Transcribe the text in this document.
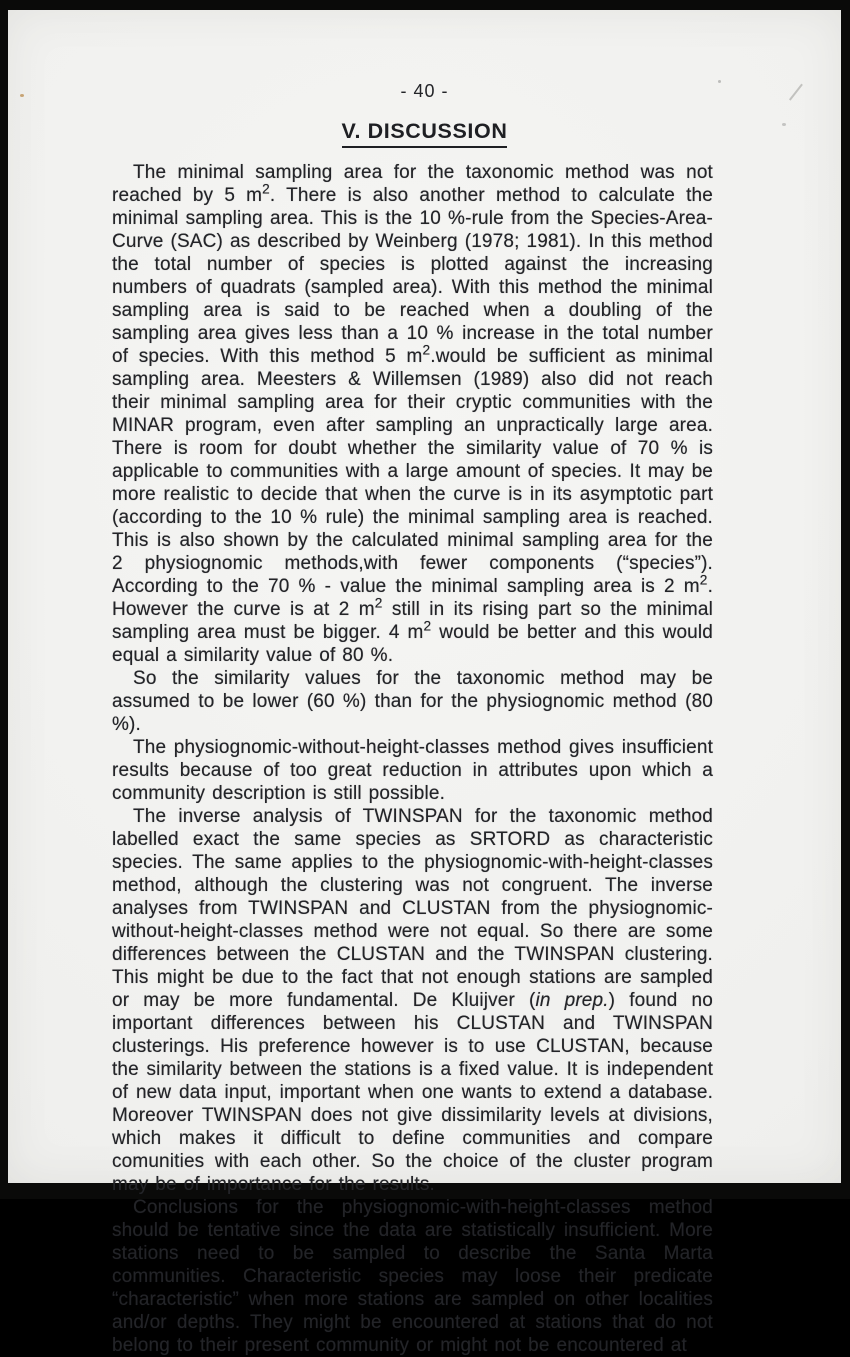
- 40 -
V. DISCUSSION

The minimal sampling area for the taxonomic method was not reached by 5 $m^2$. There is also another method to calculate the minimal sampling area. This is the 10 %-rule from the Species-Area-Curve (SAC) as described by Weinberg (1978; 1981). In this method the total number of species is plotted against the increasing numbers of quadrats (sampled area). With this method the minimal sampling area is said to be reached when a doubling of the sampling area gives less than a 10 % increase in the total number of species. With this method 5 $m^2.would$ be sufficient as minimal sampling area. Meesters & Willemsen (1989) also did not reach their minimal sampling area for their cryptic communities with the MINAR program, even after sampling an unpractically large area. There is room for doubt whether the similarity value of 70 % is applicable to communities with a large amount of species. It may be more realistic to decide that when the curve is in its asymptotic part (according to the 10 % rule) the minimal sampling area is reached. This is also shown by the calculated minimal sampling area for the 2 physiognomic methods,with fewer components (“species”). According to the 70 % - value the minimal sampling area is 2 $m^2$. However the curve is at 2 $m^2$ still in its rising part so the minimal sampling area must be bigger. 4 $m^2$ would be better and this would equal a similarity value of 80 %.

So the similarity values for the taxonomic method may be assumed to be lower (60 %) than for the physiognomic method (80 %).

The physiognomic-without-height-classes method gives insufficient results because of too great reduction in attributes upon which a community description is still possible.

The inverse analysis of TWINSPAN for the taxonomic method labelled exact the same species as SRTORD as characteristic species. The same applies to the physiognomic-with-height-classes method, although the clustering was not congruent. The inverse analyses from TWINSPAN and CLUSTAN from the physiognomic-without-height-classes method were not equal. So there are some differences between the CLUSTAN and the TWINSPAN clustering. This might be due to the fact that not enough stations are sampled or may be more fundamental. De Kluijver (in prep.) found no important differences between his CLUSTAN and TWINSPAN clusterings. His preference however is to use CLUSTAN, because the similarity between the stations is a fixed value. It is independent of new data input, important when one wants to extend a database. Moreover TWINSPAN does not give dissimilarity levels at divisions, which makes it difficult to define communities and compare comunities with each other. So the choice of the cluster program may be of importance for the results.

Conclusions for the physiognomic-with-height-classes method should be tentative since the data are statistically insufficient. More stations need to be sampled to describe the Santa Marta communities. Characteristic species may loose their predicate “characteristic” when more stations are sampled on other localities and/or depths. They might be encountered at stations that do not belong to their present community or might not be encountered at
